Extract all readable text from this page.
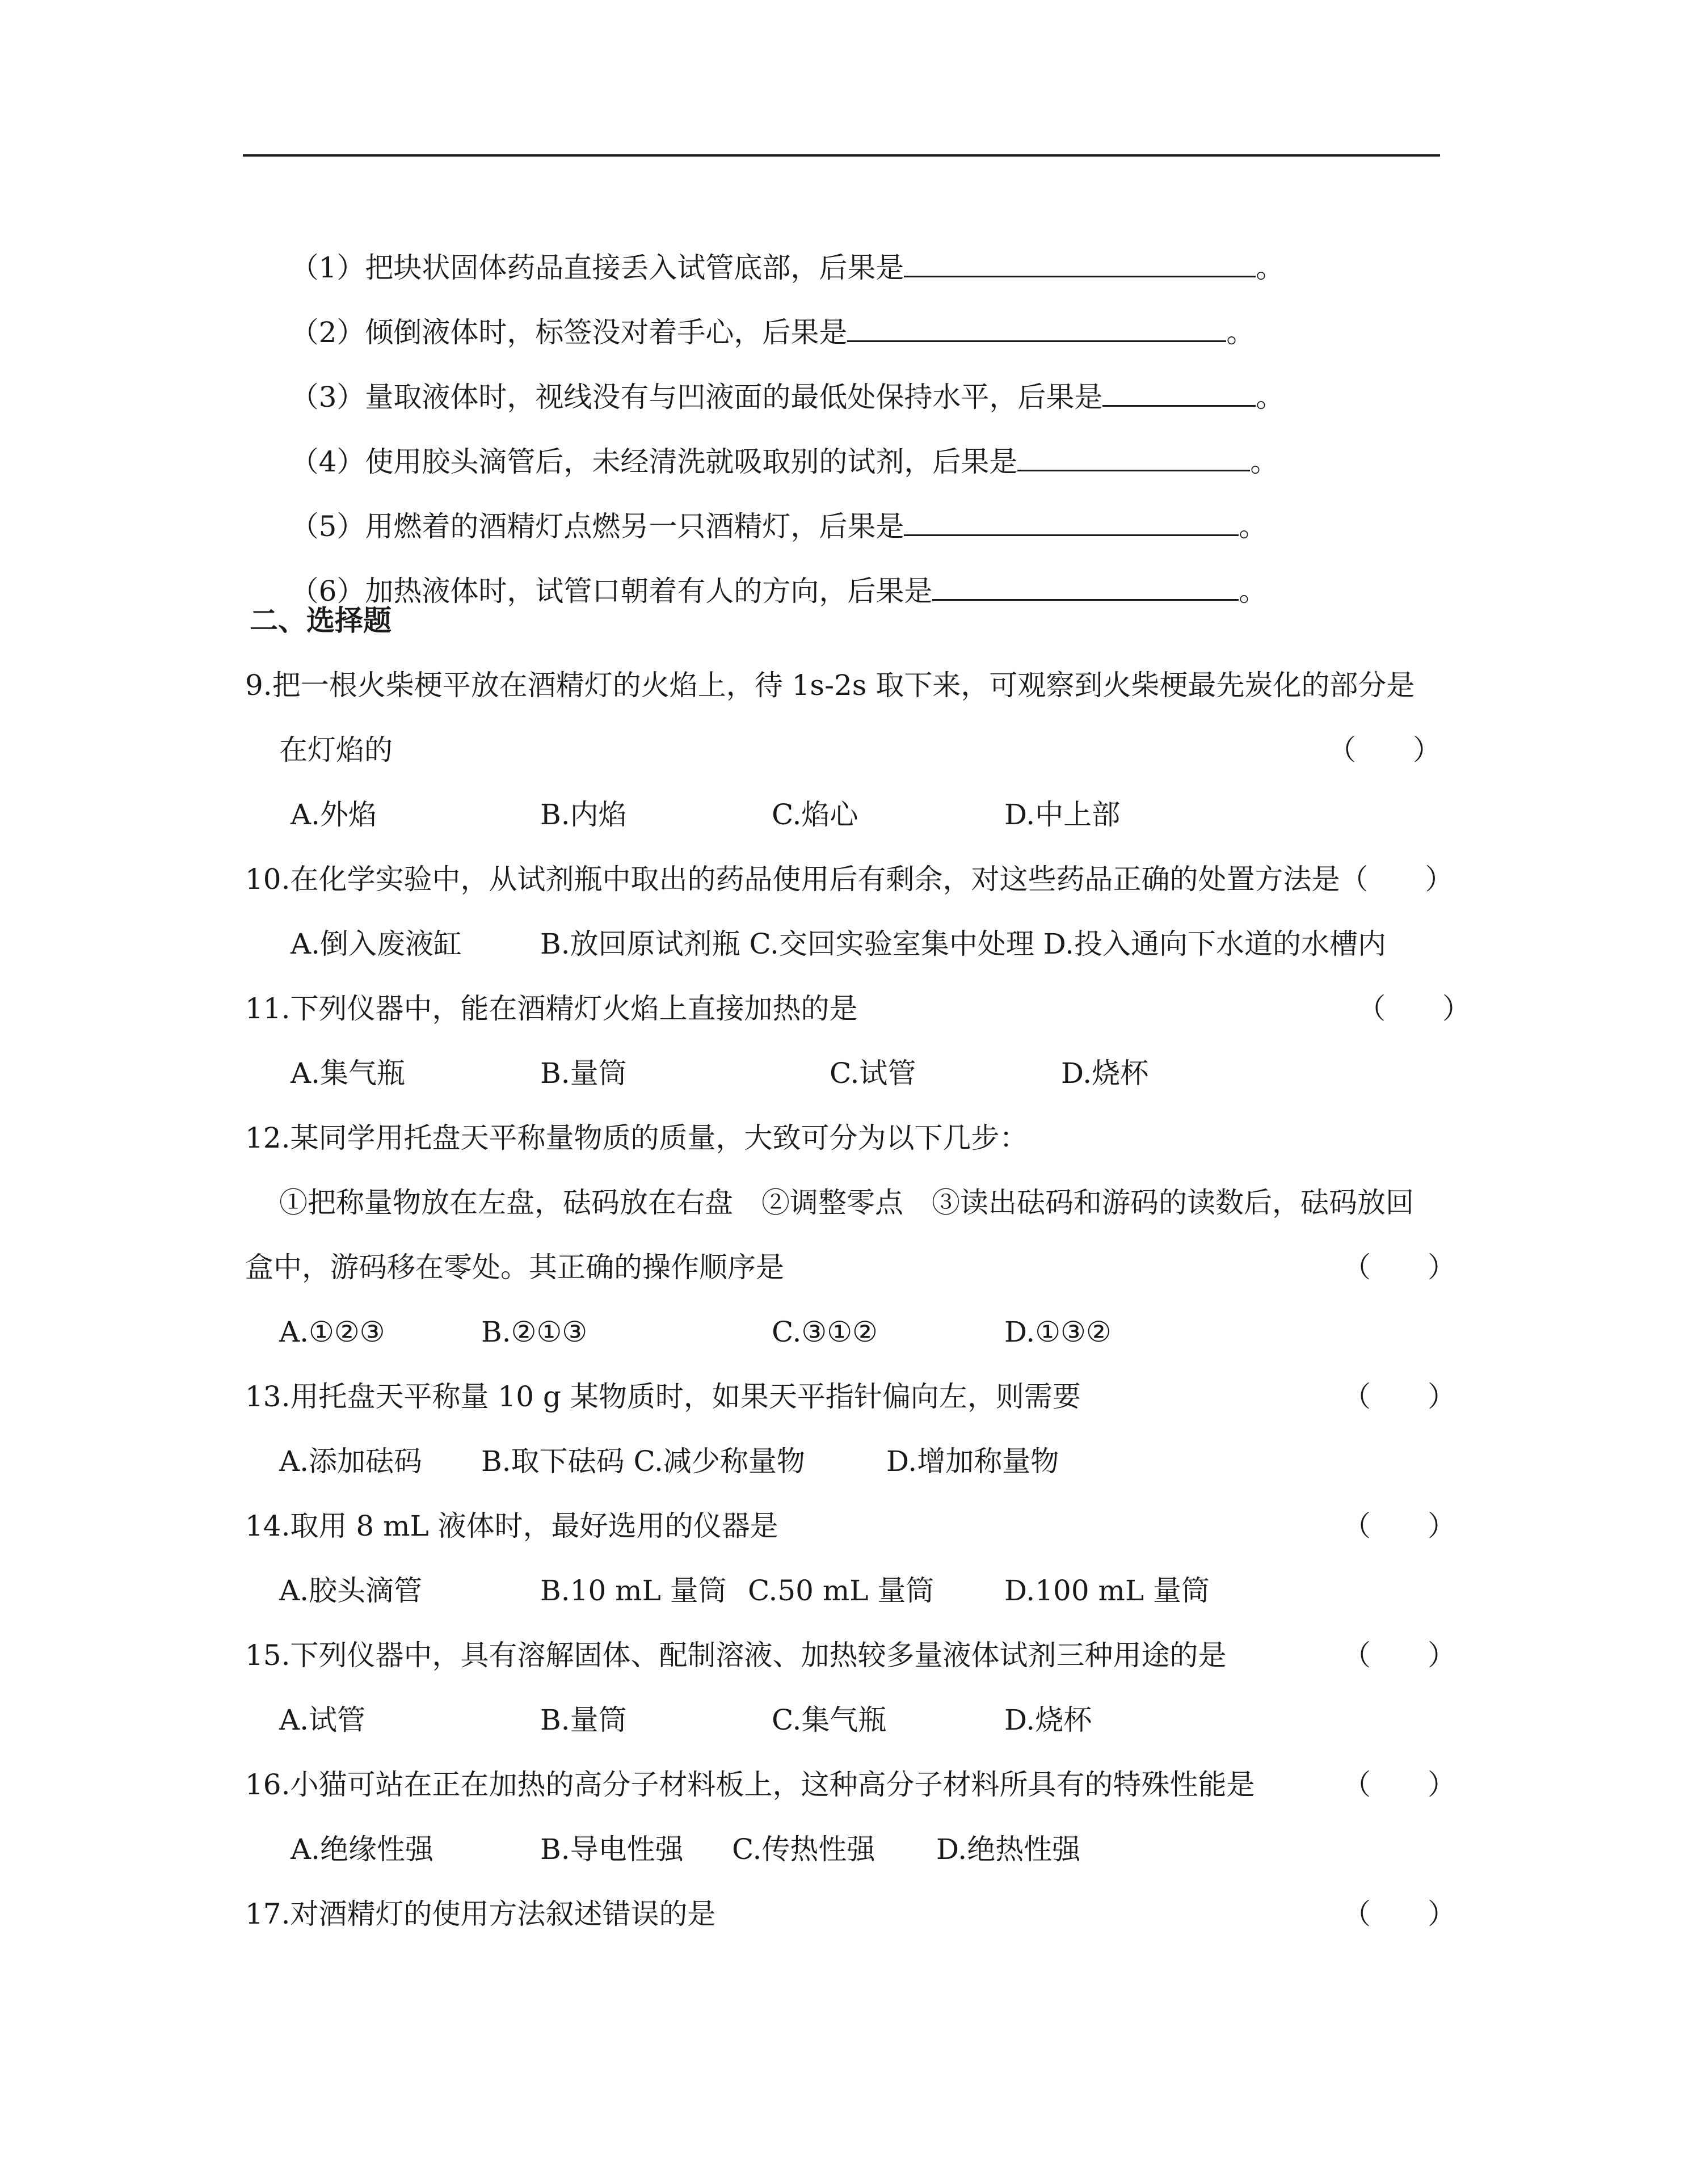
（1）把块状固体药品直接丢入试管底部，后果是	。

（2）倾倒液体时，标签没对着手心，后果是	。

（3）量取液体时，视线没有与凹液面的最低处保持水平，后果是	。

（4）使用胶头滴管后，未经清洗就吸取别的试剂，后果是	。

（5）用燃着的酒精灯点燃另一只酒精灯，后果是	。

（6）加热液体时，试管口朝着有人的方向，后果是	。

二、选择题
9.把一根火柴梗平放在酒精灯的火焰上，待 1s-2s 取下来，可观察到火柴梗最先炭化的部分是
在灯焰的	（　　）
A.外焰	B.内焰	C.焰心	D.中上部
10.在化学实验中，从试剂瓶中取出的药品使用后有剩余，对这些药品正确的处置方法是（　　）
A.倒入废液缸	B.放回原试剂瓶 C.交回实验室集中处理 D.投入通向下水道的水槽内
11.下列仪器中，能在酒精灯火焰上直接加热的是	（　　）
A.集气瓶	B.量筒	C.试管	D.烧杯
12.某同学用托盘天平称量物质的质量，大致可分为以下几步：
①把称量物放在左盘，砝码放在右盘　②调整零点　③读出砝码和游码的读数后，砝码放回
盒中，游码移在零处。其正确的操作顺序是	（　　）
A.①②③	B.②①③	C.③①②	D.①③②
13.用托盘天平称量 10 g 某物质时，如果天平指针偏向左，则需要	（　　）
A.添加砝码 B.取下砝码 C.减少称量物	D.增加称量物
14.取用 8 mL 液体时，最好选用的仪器是	（　　）
A.胶头滴管	B.10 mL 量筒 C.50 mL 量筒 D.100 mL 量筒
15.下列仪器中，具有溶解固体、配制溶液、加热较多量液体试剂三种用途的是	（　　）
A.试管	B.量筒	C.集气瓶	D.烧杯
16.小猫可站在正在加热的高分子材料板上，这种高分子材料所具有的特殊性能是	（　　）
A.绝缘性强	B.导电性强 C.传热性强 D.绝热性强
17.对酒精灯的使用方法叙述错误的是	（　　）
